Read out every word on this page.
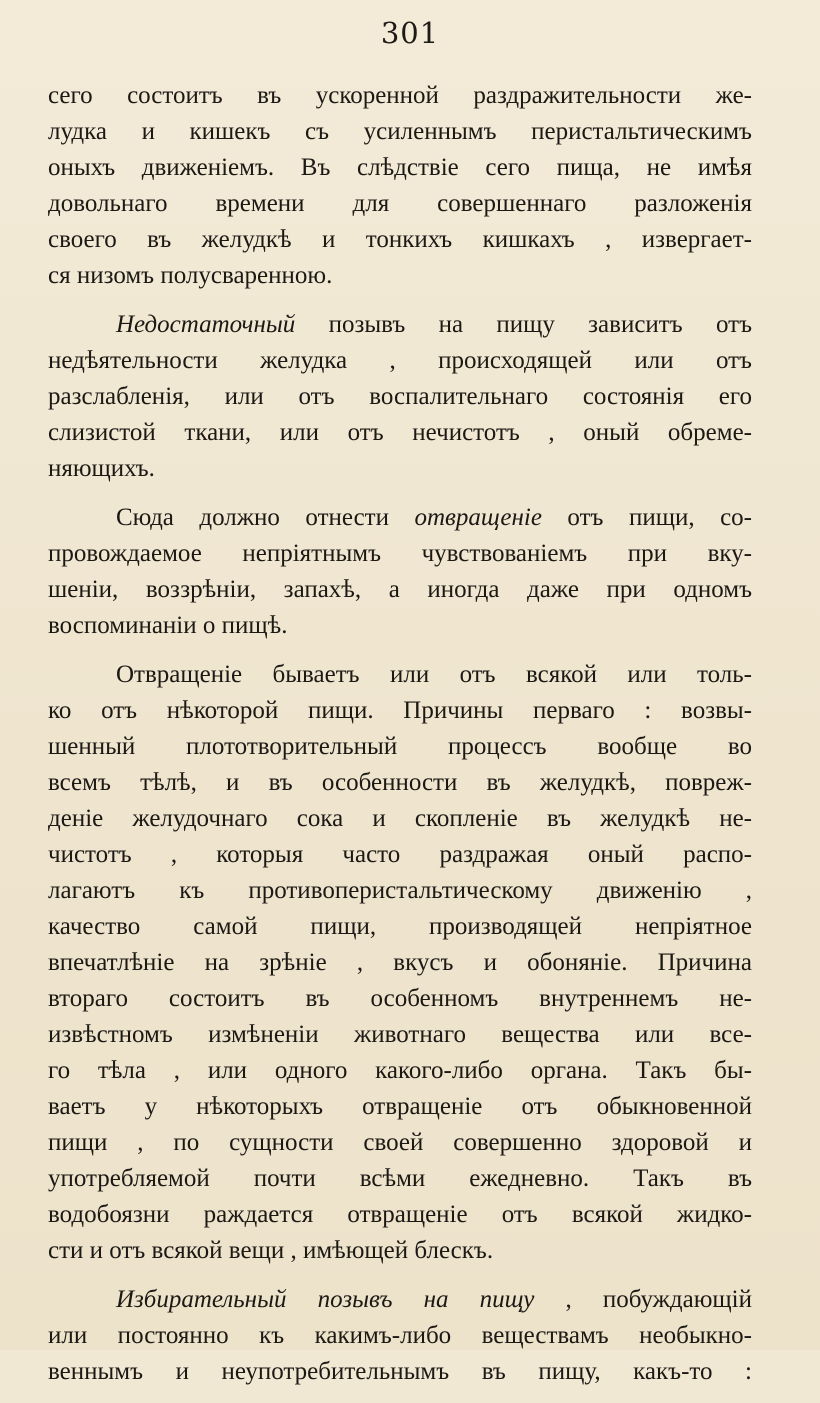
301
сего состоитъ въ ускоренной раздражительности же-
лудка и кишекъ съ усиленнымъ перистальтическимъ
оныхъ движенiемъ. Въ слѣдствiе сего пища, не имѣя
довольнаго времени для совершеннаго разложенiя
своего въ желудкѣ и тонкихъ кишкахъ , извергает-
ся низомъ полусваренною.
Недостаточный позывъ на пищу зависитъ отъ
недѣятельности желудка , происходящей или отъ
разслабленiя, или отъ воспалительнаго состоянiя его
слизистой ткани, или отъ нечистотъ , оный обреме-
няющихъ.
Сюда должно отнести отвращенiе отъ пищи, со-
провождаемое непрiятнымъ чувствованiемъ при вку-
шенiи, воззрѣнiи, запахѣ, а иногда даже при одномъ
воспоминанiи о пищѣ.
Отвращенiе бываетъ или отъ всякой или толь-
ко отъ нѣкоторой пищи. Причины перваго : возвы-
шенный плототворительный процессъ вообще во
всемъ тѣлѣ, и въ особенности въ желудкѣ, повреж-
денiе желудочнаго сока и скопленiе въ желудкѣ не-
чистотъ , которыя часто раздражая оный распо-
лагаютъ къ противоперистальтическому движенiю ,
качество самой пищи, производящей непрiятное
впечатлѣнiе на зрѣнiе , вкусъ и обонянiе. Причина
втораго состоитъ въ особенномъ внутреннемъ не-
извѣстномъ измѣненiи животнаго вещества или все-
го тѣла , или одного какого-либо органа. Такъ бы-
ваетъ у нѣкоторыхъ отвращенiе отъ обыкновенной
пищи , по сущности своей совершенно здоровой и
употребляемой почти всѣми ежедневно. Такъ въ
водобоязни раждается отвращенiе отъ всякой жидко-
сти и отъ всякой вещи , имѣющей блескъ.
Избирательный позывъ на пищу , побуждающiй
или постоянно къ какимъ-либо веществамъ необыкно-
веннымъ и неупотребительнымъ въ пищу, какъ-то :
